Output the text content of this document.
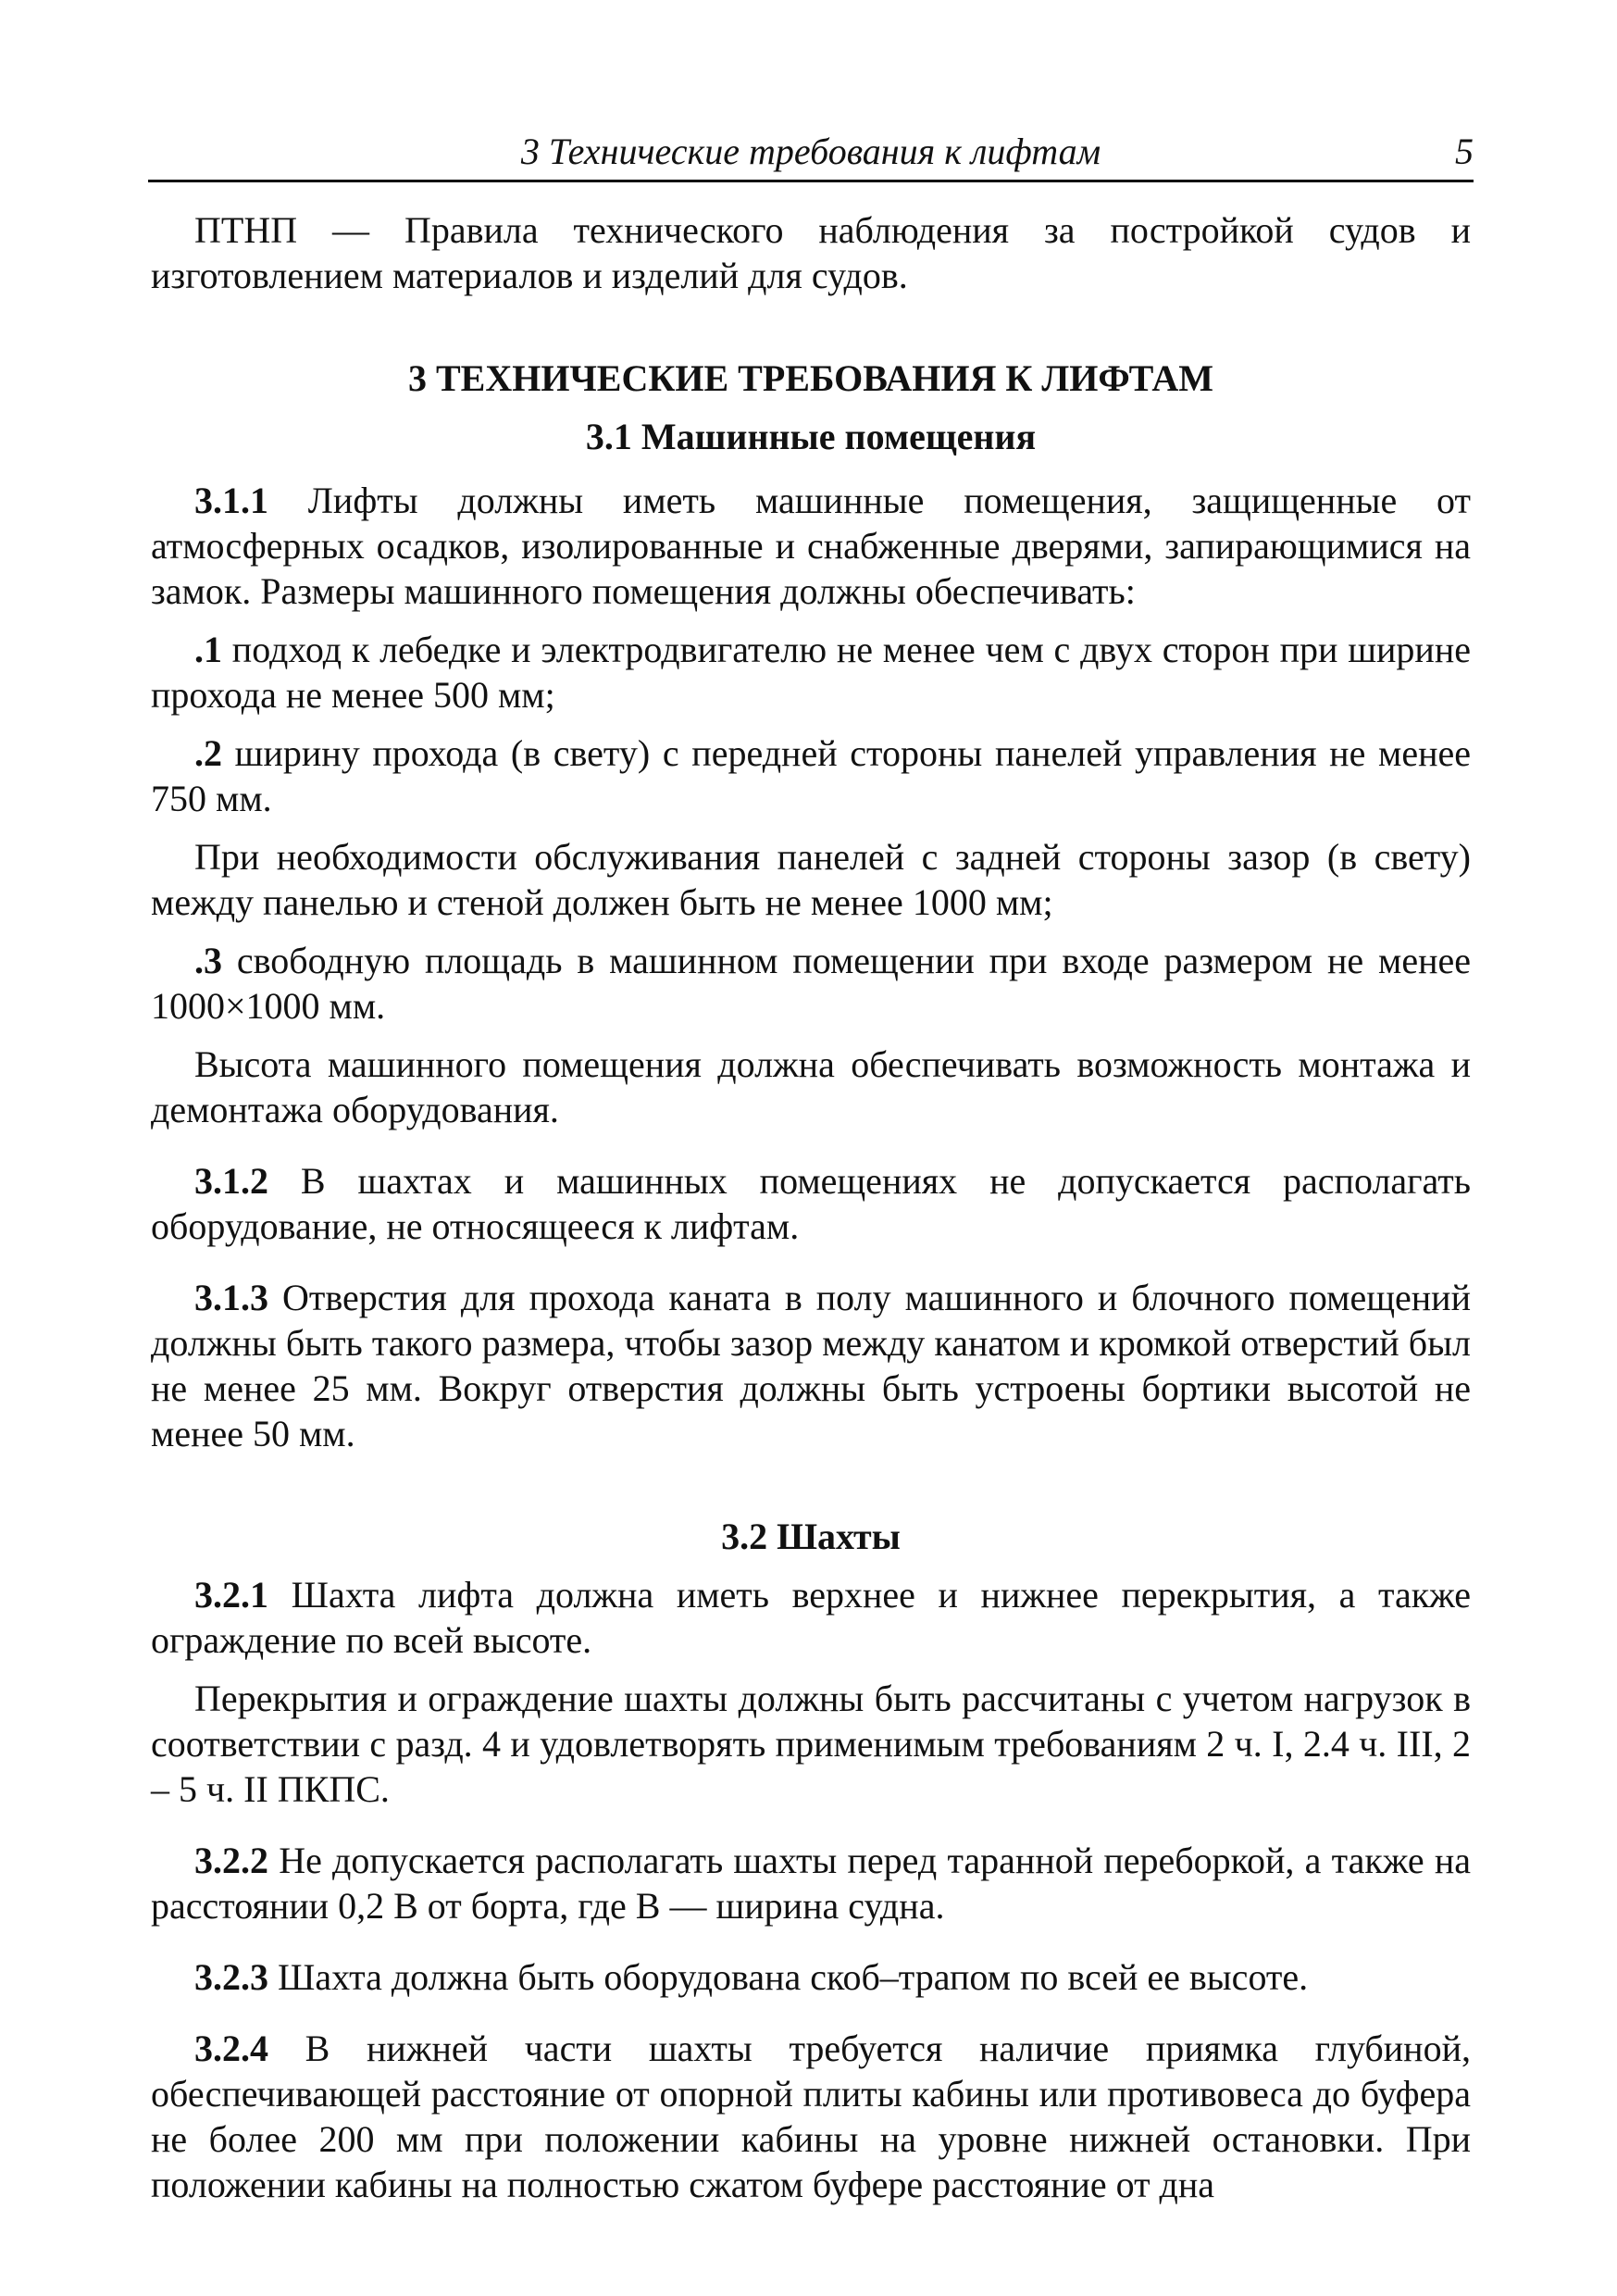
3 Технические требования к лифтам	5

ПТНП — Правила технического наблюдения за постройкой судов и изготовлением материалов и изделий для судов.

3 ТЕХНИЧЕСКИЕ ТРЕБОВАНИЯ К ЛИФТАМ

3.1 Машинные помещения

3.1.1 Лифты должны иметь машинные помещения, защищенные от атмосферных осадков, изолированные и снабженные дверями, запирающимися на замок. Размеры машинного помещения должны обеспечивать:

.1 подход к лебедке и электродвигателю не менее чем с двух сторон при ширине прохода не менее 500 мм;

.2 ширину прохода (в свету) с передней стороны панелей управления не менее 750 мм.

При необходимости обслуживания панелей с задней стороны зазор (в свету) между панелью и стеной должен быть не менее 1000 мм;

.3 свободную площадь в машинном помещении при входе размером не менее 1000×1000 мм.

Высота машинного помещения должна обеспечивать возможность монтажа и демонтажа оборудования.

3.1.2 В шахтах и машинных помещениях не допускается располагать оборудование, не относящееся к лифтам.

3.1.3 Отверстия для прохода каната в полу машинного и блочного помещений должны быть такого размера, чтобы зазор между канатом и кромкой отверстий был не менее 25 мм. Вокруг отверстия должны быть устроены бортики высотой не менее 50 мм.

3.2 Шахты

3.2.1 Шахта лифта должна иметь верхнее и нижнее перекрытия, а также ограждение по всей высоте.

Перекрытия и ограждение шахты должны быть рассчитаны с учетом нагрузок в соответствии с разд. 4 и удовлетворять применимым требованиям 2 ч. I, 2.4 ч. III, 2 – 5 ч. II ПКПС.

3.2.2 Не допускается располагать шахты перед таранной переборкой, а также на расстоянии 0,2 В от борта, где В — ширина судна.

3.2.3 Шахта должна быть оборудована скоб–трапом по всей ее высоте.

3.2.4 В нижней части шахты требуется наличие приямка глубиной, обеспечивающей расстояние от опорной плиты кабины или противовеса до буфера не более 200 мм при положении кабины на уровне нижней остановки. При положении кабины на полностью сжатом буфере расстояние от дна
